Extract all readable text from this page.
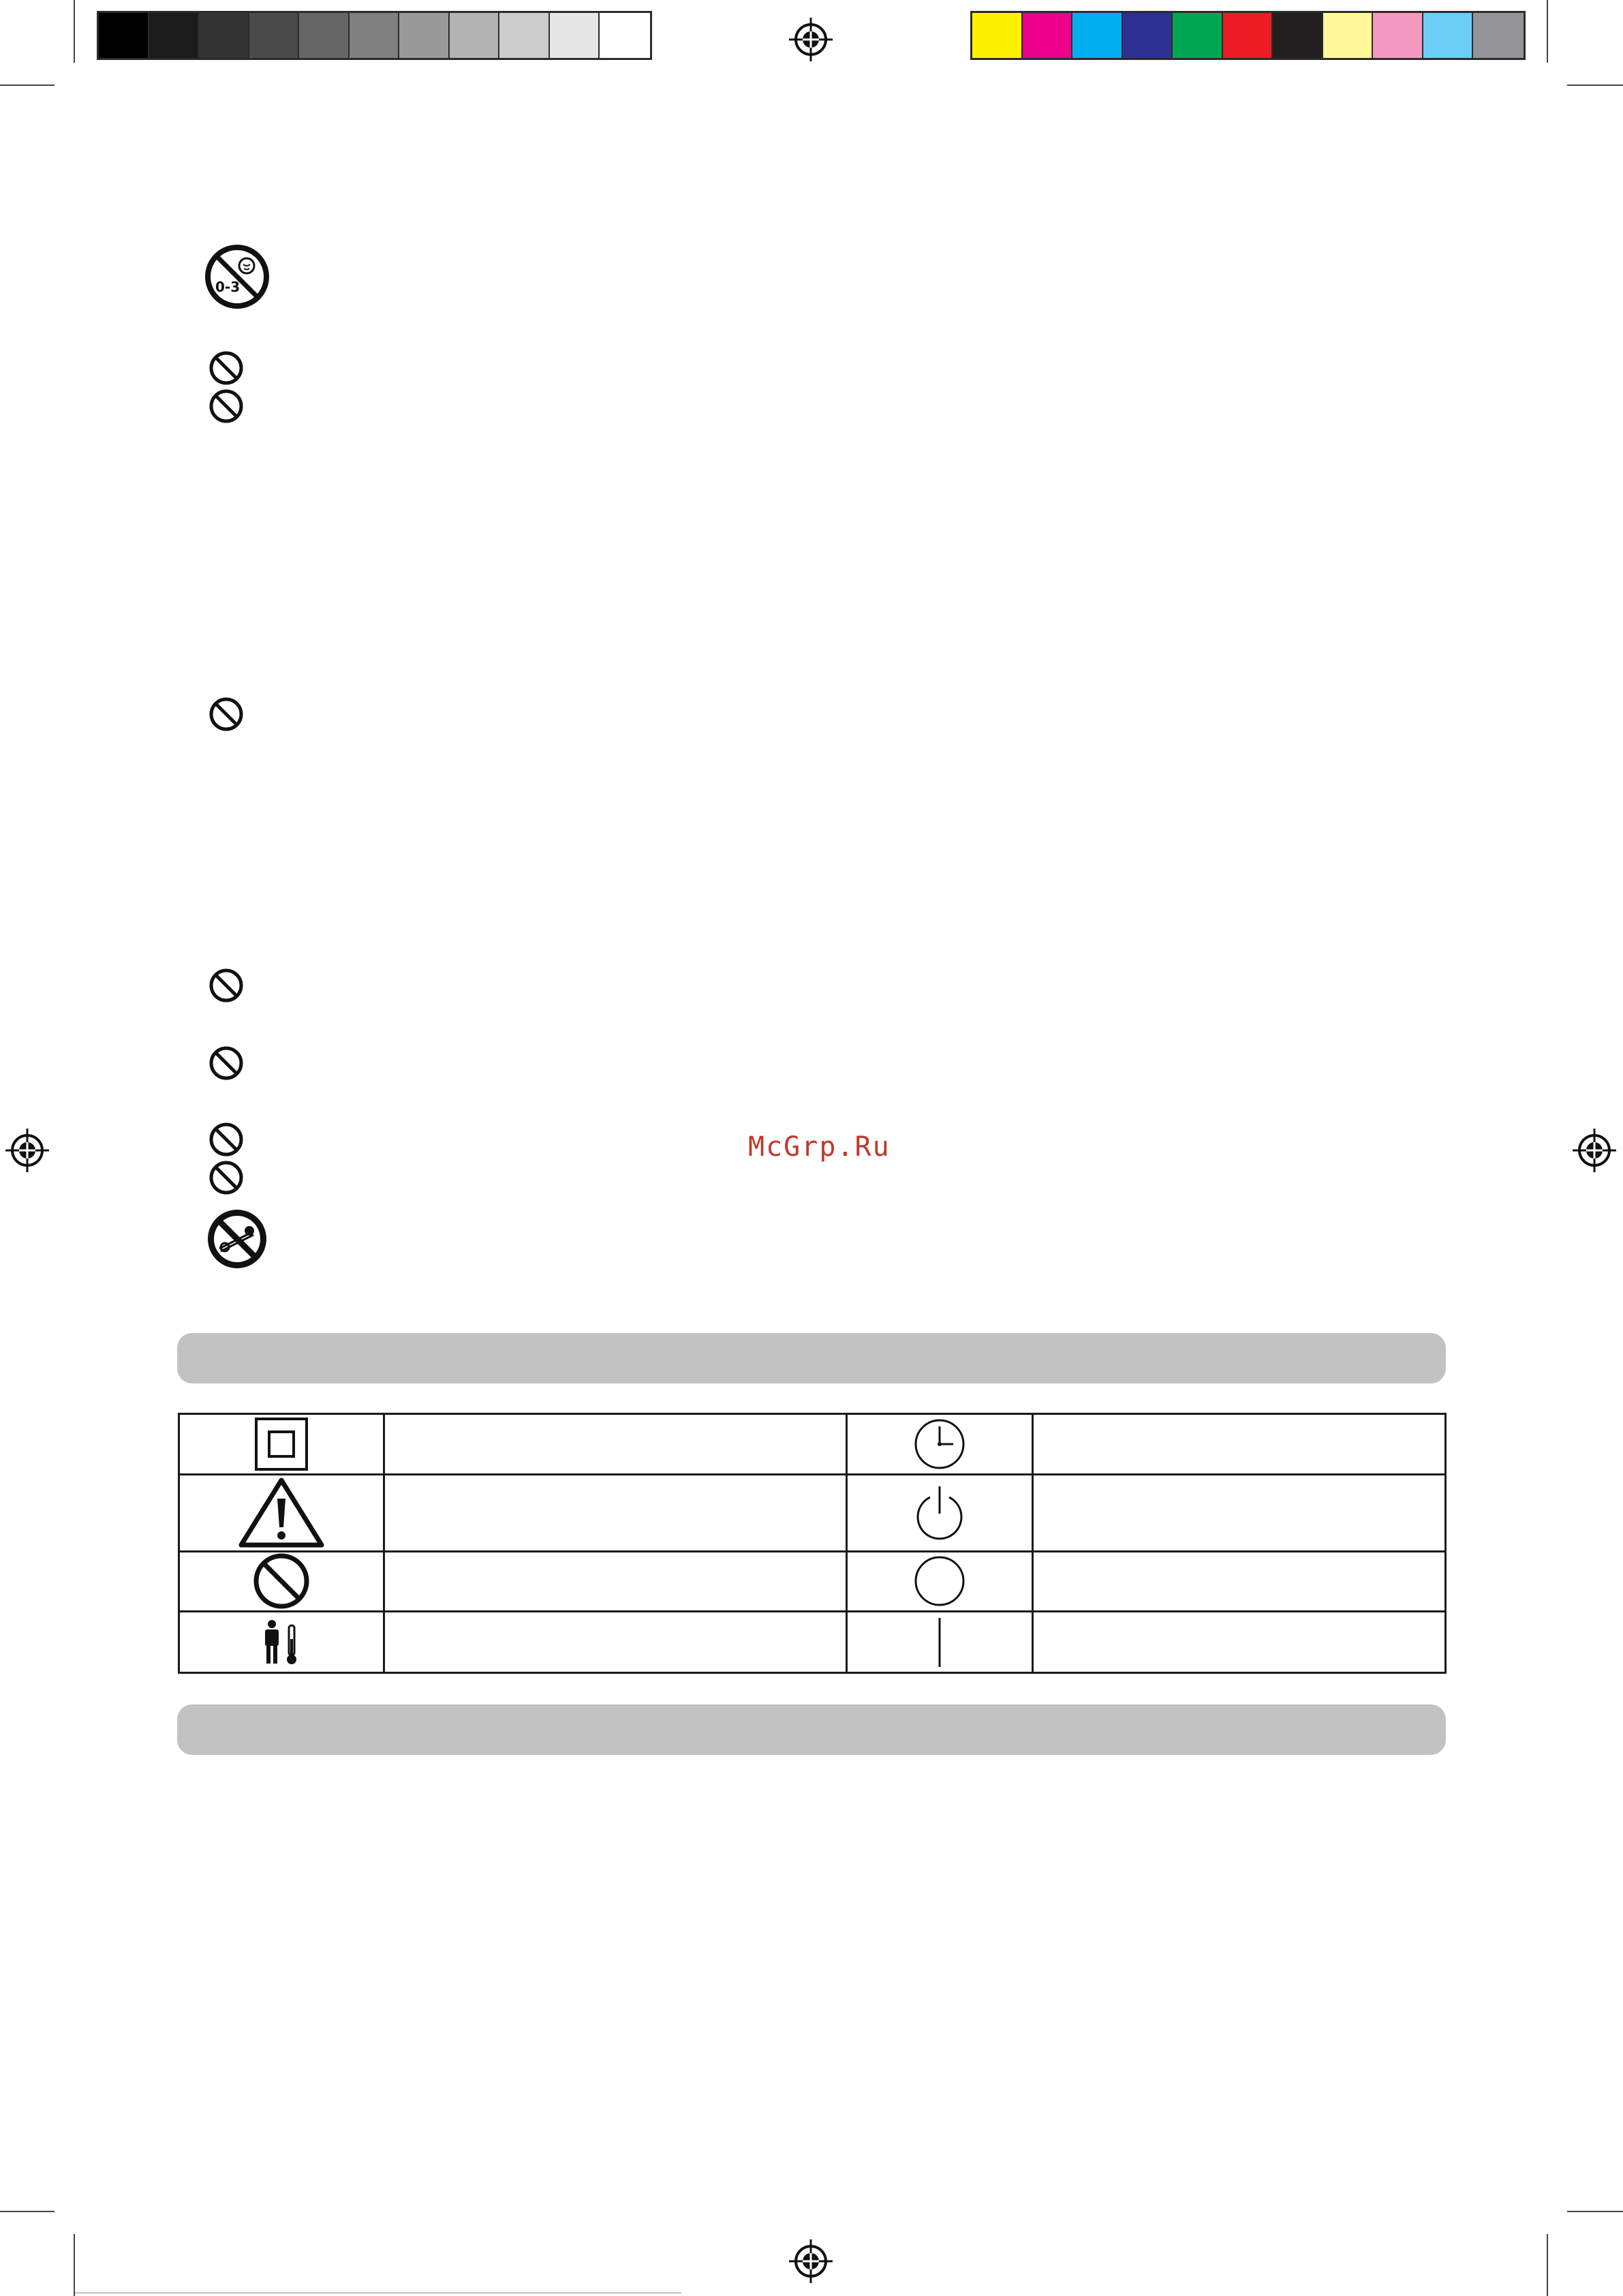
0-3
McGrp.Ru
